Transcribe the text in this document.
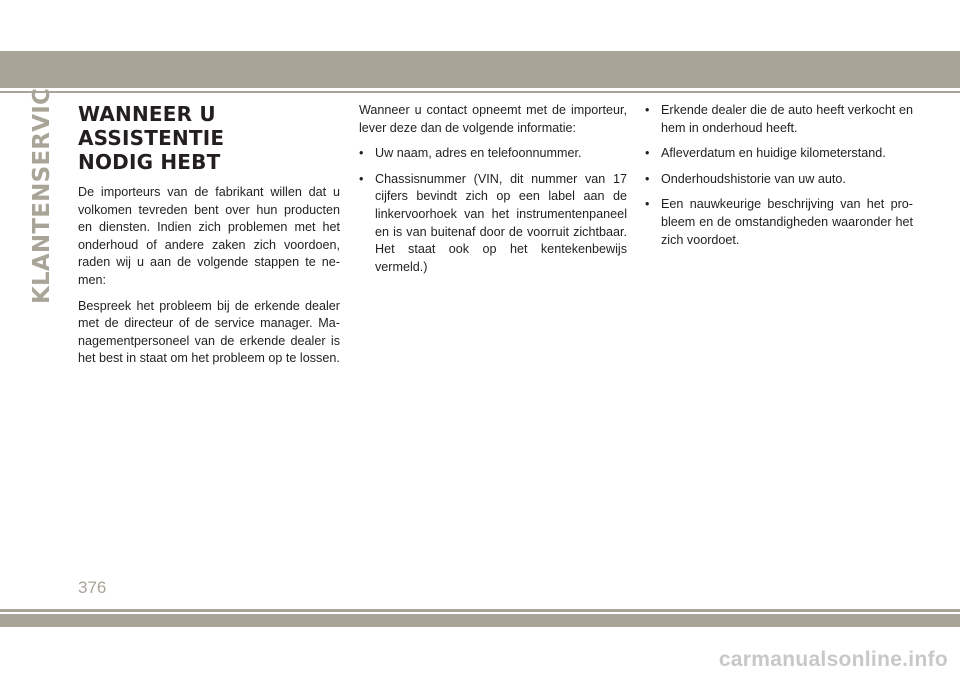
KLANTENSERVICE WANNEER U ASSISTENTIE
NODIG HEBT

De importeurs van de fabrikant willen dat u volkomen tevreden bent over hun producten en diensten. Indien zich problemen met het onderhoud of andere zaken zich voordoen, raden wij u aan de volgende stappen te nemen:

Bespreek het probleem bij de erkende dealer met de directeur of de service manager. Managementpersoneel van de erkende dealer is het best in staat om het probleem op te lossen.

Wanneer u contact opneemt met de importeur, lever deze dan de volgende informatie:

• Uw naam, adres en telefoonnummer.
• Chassisnummer (VIN, dit nummer van 17 cijfers bevindt zich op een label aan de linkervoorhoek van het instrumentenpaneel en is van buitenaf door de voorruit zichtbaar. Het staat ook op het kentekenbewijs vermeld.)
• Erkende dealer die de auto heeft verkocht en hem in onderhoud heeft.
• Afleverdatum en huidige kilometerstand.
• Onderhoudshistorie van uw auto.
• Een nauwkeurige beschrijving van het probleem en de omstandigheden waaronder het zich voordoet.
376
carmanualsonline.info
